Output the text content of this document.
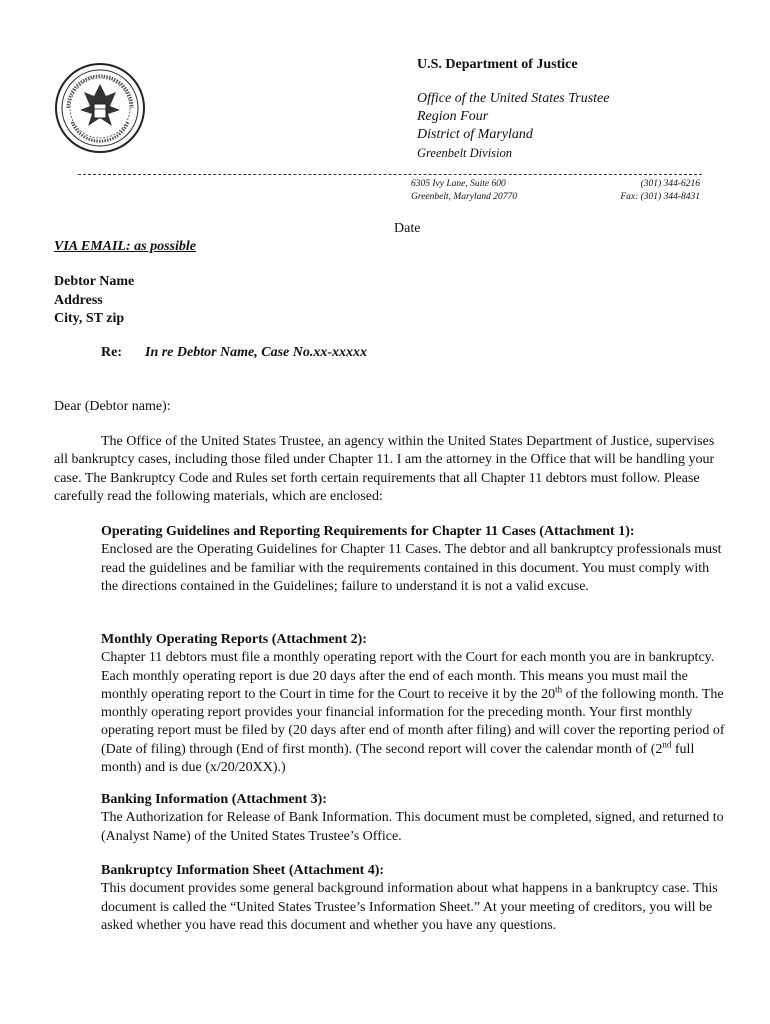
U.S. Department of Justice
Office of the United States Trustee
Region Four
District of Maryland
Greenbelt Division
6305 Ivy Lane, Suite 600
Greenbelt, Maryland 20770
(301) 344-6216
Fax: (301) 344-8431
Date
VIA EMAIL: as possible
Debtor Name
Address
City, ST zip
Re: In re Debtor Name, Case No.xx-xxxxx
Dear (Debtor name):
The Office of the United States Trustee, an agency within the United States Department of Justice, supervises all bankruptcy cases, including those filed under Chapter 11. I am the attorney in the Office that will be handling your case. The Bankruptcy Code and Rules set forth certain requirements that all Chapter 11 debtors must follow. Please carefully read the following materials, which are enclosed:
Operating Guidelines and Reporting Requirements for Chapter 11 Cases (Attachment 1):
Enclosed are the Operating Guidelines for Chapter 11 Cases. The debtor and all bankruptcy professionals must read the guidelines and be familiar with the requirements contained in this document. You must comply with the directions contained in the Guidelines; failure to understand it is not a valid excuse.
Monthly Operating Reports (Attachment 2):
Chapter 11 debtors must file a monthly operating report with the Court for each month you are in bankruptcy. Each monthly operating report is due 20 days after the end of each month. This means you must mail the monthly operating report to the Court in time for the Court to receive it by the 20th of the following month. The monthly operating report provides your financial information for the preceding month. Your first monthly operating report must be filed by (20 days after end of month after filing) and will cover the reporting period of (Date of filing) through (End of first month). (The second report will cover the calendar month of (2nd full month) and is due (x/20/20XX).)
Banking Information (Attachment 3):
The Authorization for Release of Bank Information. This document must be completed, signed, and returned to (Analyst Name) of the United States Trustee’s Office.
Bankruptcy Information Sheet (Attachment 4):
This document provides some general background information about what happens in a bankruptcy case. This document is called the “United States Trustee’s Information Sheet.” At your meeting of creditors, you will be asked whether you have read this document and whether you have any questions.
